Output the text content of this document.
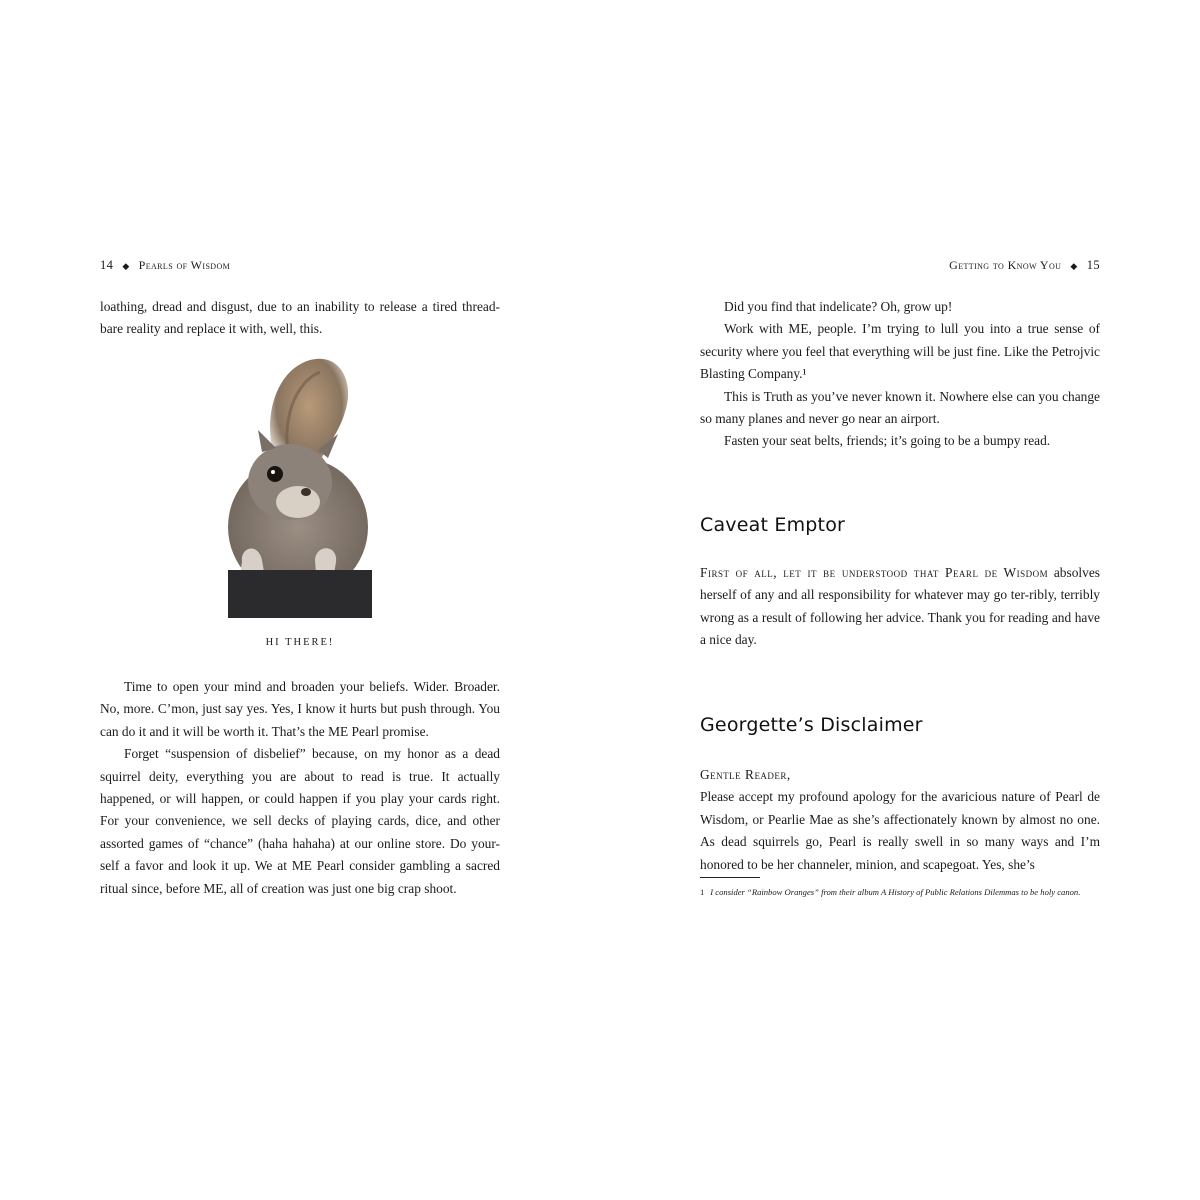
14 ◆ Pearls of Wisdom

loathing, dread and disgust, due to an inability to release a tired thread-bare reality and replace it with, well, this.

HI THERE!

Time to open your mind and broaden your beliefs. Wider. Broader. No, more. C’mon, just say yes. Yes, I know it hurts but push through. You can do it and it will be worth it. That’s the ME Pearl promise.

Forget “suspension of disbelief” because, on my honor as a dead squirrel deity, everything you are about to read is true. It actually happened, or will happen, or could happen if you play your cards right. For your convenience, we sell decks of playing cards, dice, and other assorted games of “chance” (haha hahaha) at our online store. Do your-self a favor and look it up. We at ME Pearl consider gambling a sacred ritual since, before ME, all of creation was just one big crap shoot.

Getting to Know You ◆ 15

Did you find that indelicate? Oh, grow up!

Work with ME, people. I’m trying to lull you into a true sense of security where you feel that everything will be just fine. Like the Petrojvic Blasting Company.¹

This is Truth as you’ve never known it. Nowhere else can you change so many planes and never go near an airport.

Fasten your seat belts, friends; it’s going to be a bumpy read.

Caveat Emptor

First of all, let it be understood that Pearl de Wisdom absolves herself of any and all responsibility for whatever may go ter-ribly, terribly wrong as a result of following her advice. Thank you for reading and have a nice day.

Georgette’s Disclaimer

Gentle Reader,

Please accept my profound apology for the avaricious nature of Pearl de Wisdom, or Pearlie Mae as she’s affectionately known by almost no one. As dead squirrels go, Pearl is really swell in so many ways and I’m honored to be her channeler, minion, and scapegoat. Yes, she’s

1 I consider “Rainbow Oranges” from their album A History of Public Relations Dilemmas to be holy canon.
